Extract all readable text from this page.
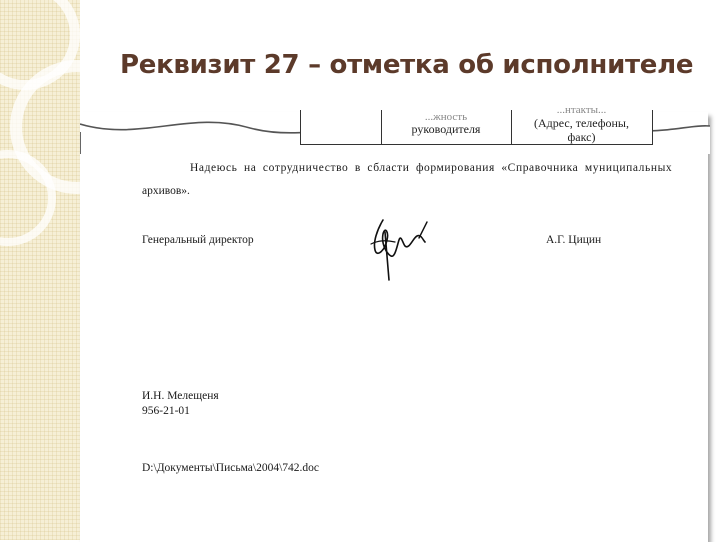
Реквизит 27 – отметка об исполнителе
...жность
руководителя
...нтакты...
(Адрес, телефоны,
факс)
Надеюсь на сотрудничество в сбласти формирования «Справочника муниципальных
архивов».
Генеральный директор	А.Г. Цицин
И.Н. Мелещеня
956-21-01
D:\Документы\Письма\2004\742.doc
